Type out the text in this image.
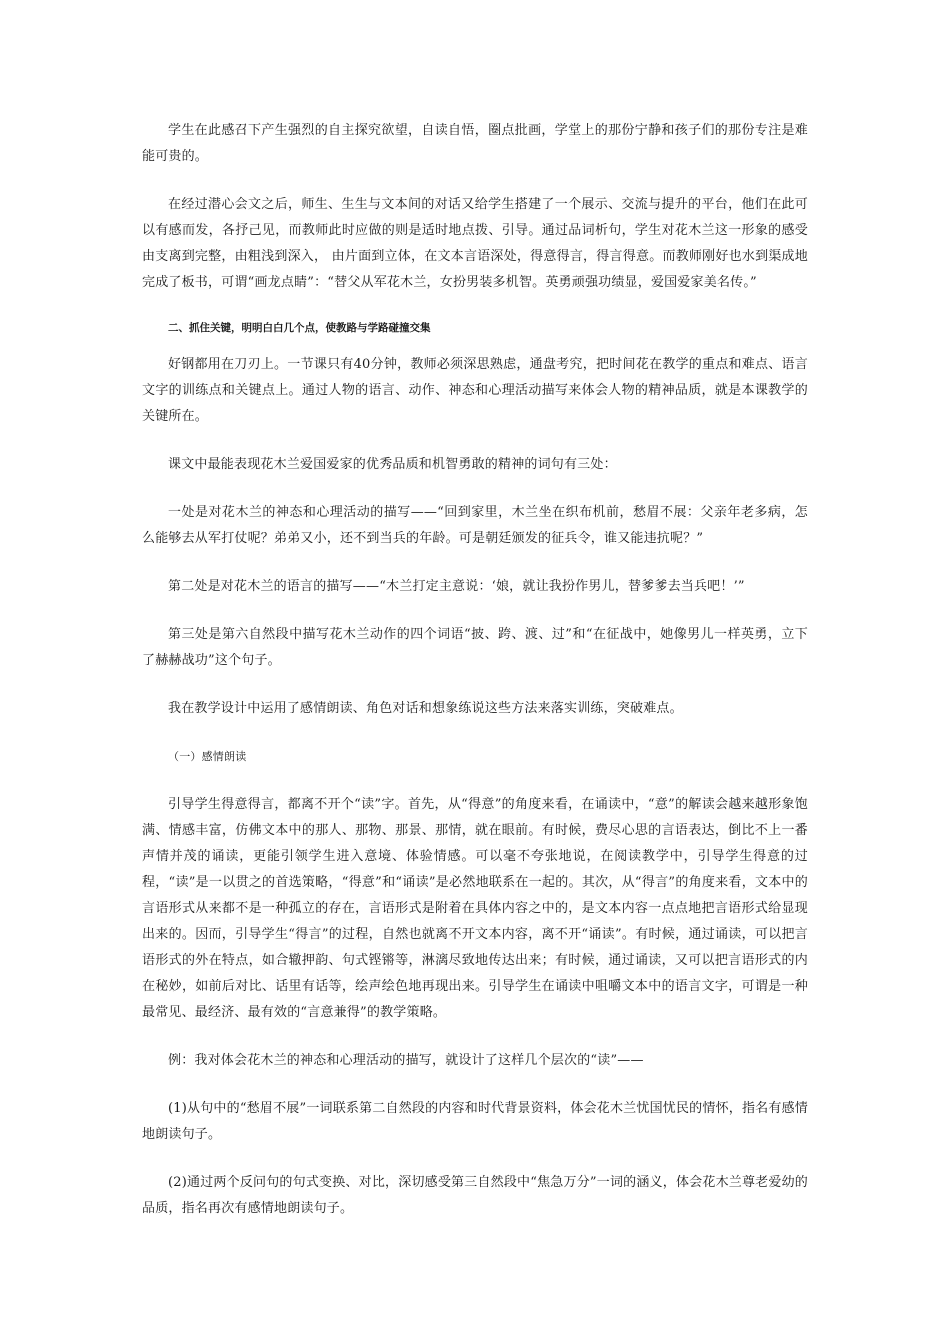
学生在此感召下产生强烈的自主探究欲望，自读自悟，圈点批画，学堂上的那份宁静和孩子们的那份专注是难能可贵的。

在经过潜心会文之后，师生、生生与文本间的对话又给学生搭建了一个展示、交流与提升的平台，他们在此可以有感而发，各抒己见，而教师此时应做的则是适时地点拨、引导。通过品词析句，学生对花木兰这一形象的感受由支离到完整，由粗浅到深入， 由片面到立体，在文本言语深处，得意得言，得言得意。而教师刚好也水到渠成地完成了板书，可谓“画龙点睛”：“替父从军花木兰，女扮男装多机智。英勇顽强功绩显，爱国爱家美名传。”

二、抓住关键，明明白白几个点，使教路与学路碰撞交集

好钢都用在刀刃上。一节课只有40分钟，教师必须深思熟虑，通盘考究，把时间花在教学的重点和难点、语言文字的训练点和关键点上。通过人物的语言、动作、神态和心理活动描写来体会人物的精神品质，就是本课教学的关键所在。

课文中最能表现花木兰爱国爱家的优秀品质和机智勇敢的精神的词句有三处：

一处是对花木兰的神态和心理活动的描写——“回到家里，木兰坐在织布机前，愁眉不展：父亲年老多病，怎么能够去从军打仗呢？弟弟又小，还不到当兵的年龄。可是朝廷颁发的征兵令，谁又能违抗呢？”

第二处是对花木兰的语言的描写——“木兰打定主意说：‘娘，就让我扮作男儿，替爹爹去当兵吧！’”

第三处是第六自然段中描写花木兰动作的四个词语“披、跨、渡、过”和“在征战中，她像男儿一样英勇，立下了赫赫战功”这个句子。

我在教学设计中运用了感情朗读、角色对话和想象练说这些方法来落实训练，突破难点。

（一）感情朗读

引导学生得意得言，都离不开个“读”字。首先，从“得意”的角度来看，在诵读中，“意”的解读会越来越形象饱满、情感丰富，仿佛文本中的那人、那物、那景、那情，就在眼前。有时候，费尽心思的言语表达，倒比不上一番声情并茂的诵读，更能引领学生进入意境、体验情感。可以毫不夸张地说，在阅读教学中，引导学生得意的过程，“读”是一以贯之的首选策略，“得意”和“诵读”是必然地联系在一起的。其次，从“得言”的角度来看，文本中的言语形式从来都不是一种孤立的存在，言语形式是附着在具体内容之中的，是文本内容一点点地把言语形式给显现出来的。因而，引导学生“得言”的过程，自然也就离不开文本内容，离不开“诵读”。有时候，通过诵读，可以把言语形式的外在特点，如合辙押韵、句式铿锵等，淋漓尽致地传达出来；有时候，通过诵读，又可以把言语形式的内在秘妙，如前后对比、话里有话等，绘声绘色地再现出来。引导学生在诵读中咀嚼文本中的语言文字，可谓是一种最常见、最经济、最有效的“言意兼得”的教学策略。

例：我对体会花木兰的神态和心理活动的描写，就设计了这样几个层次的“读”——

(1)从句中的“愁眉不展”一词联系第二自然段的内容和时代背景资料，体会花木兰忧国忧民的情怀，指名有感情地朗读句子。

(2)通过两个反问句的句式变换、对比，深切感受第三自然段中“焦急万分”一词的涵义，体会花木兰尊老爱幼的品质，指名再次有感情地朗读句子。
